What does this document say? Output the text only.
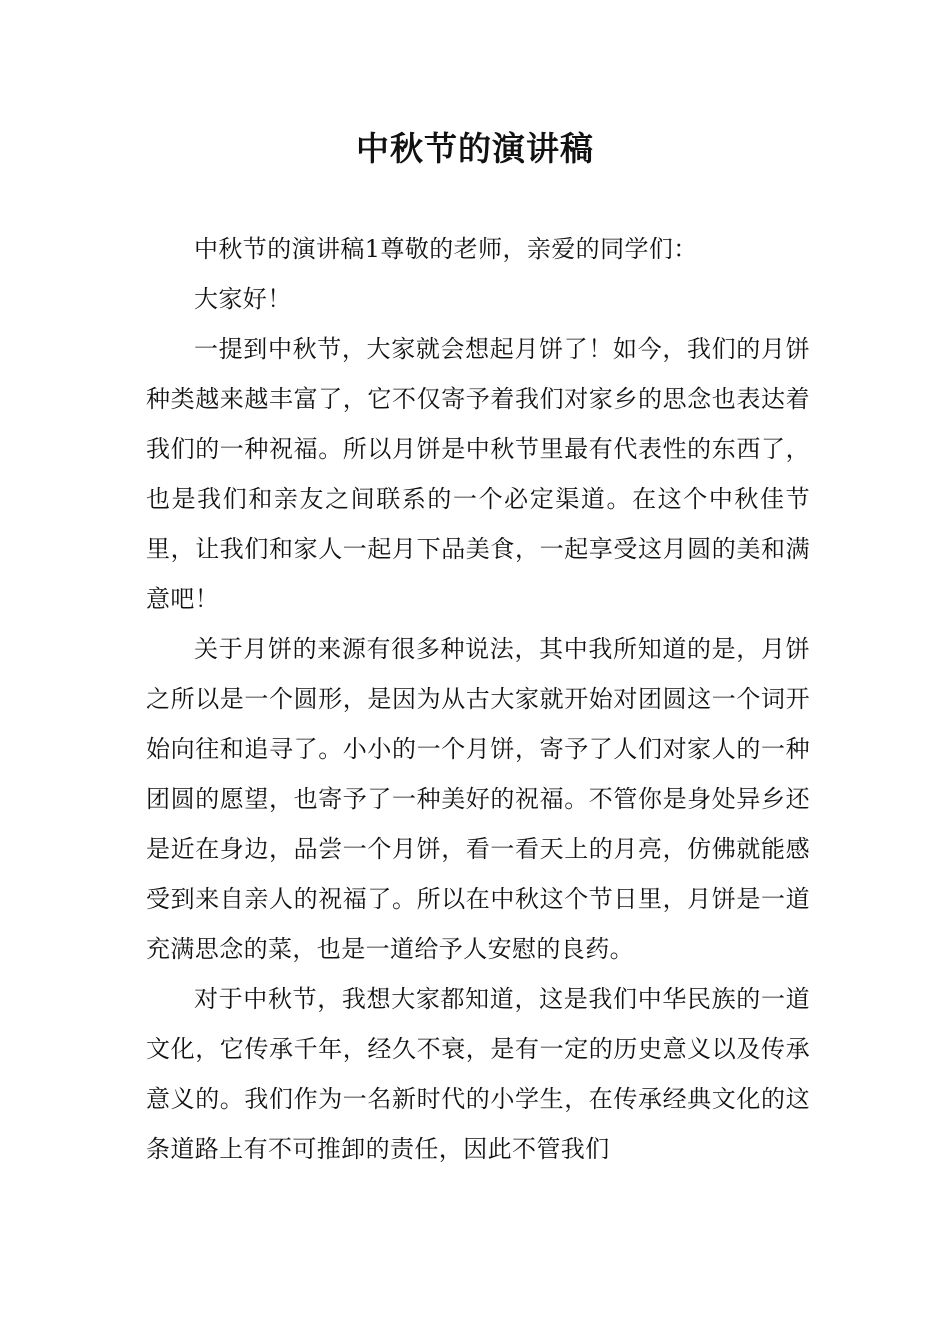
中秋节的演讲稿

中秋节的演讲稿1尊敬的老师，亲爱的同学们：

大家好！

一提到中秋节，大家就会想起月饼了！如今，我们的月饼种类越来越丰富了，它不仅寄予着我们对家乡的思念也表达着我们的一种祝福。所以月饼是中秋节里最有代表性的东西了，也是我们和亲友之间联系的一个必定渠道。在这个中秋佳节里，让我们和家人一起月下品美食，一起享受这月圆的美和满意吧！

关于月饼的来源有很多种说法，其中我所知道的是，月饼之所以是一个圆形，是因为从古大家就开始对团圆这一个词开始向往和追寻了。小小的一个月饼，寄予了人们对家人的一种团圆的愿望，也寄予了一种美好的祝福。不管你是身处异乡还是近在身边，品尝一个月饼，看一看天上的月亮，仿佛就能感受到来自亲人的祝福了。所以在中秋这个节日里，月饼是一道充满思念的菜，也是一道给予人安慰的良药。

对于中秋节，我想大家都知道，这是我们中华民族的一道文化，它传承千年，经久不衰，是有一定的历史意义以及传承意义的。我们作为一名新时代的小学生，在传承经典文化的这条道路上有不可推卸的责任，因此不管我们
